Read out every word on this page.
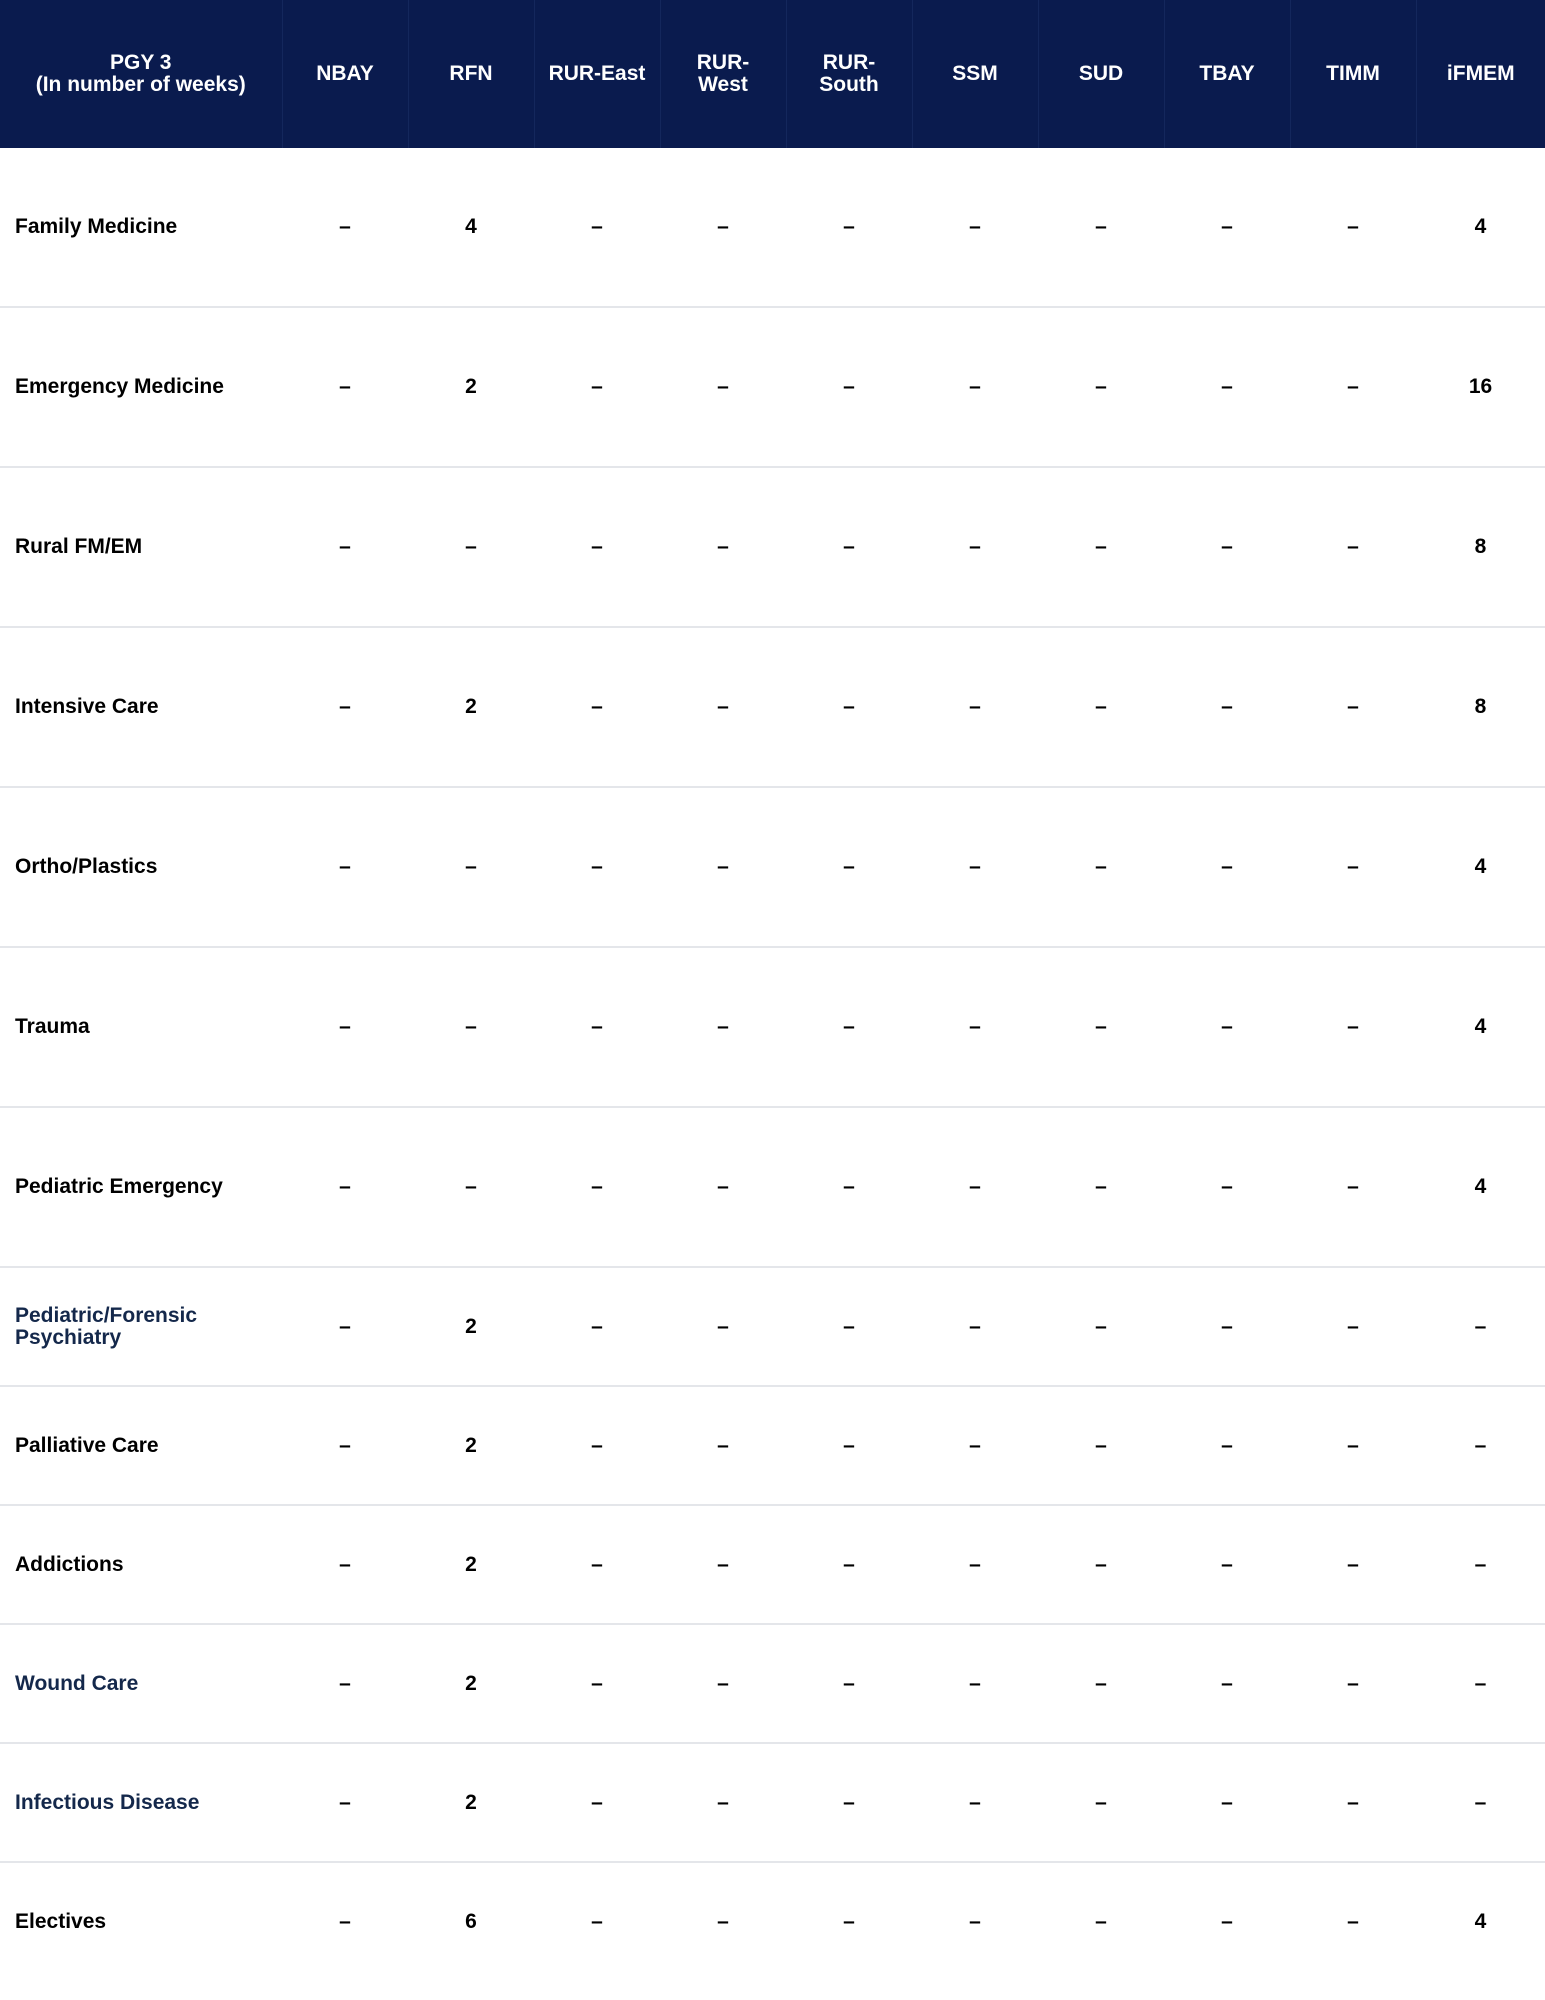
PGY 3
(In number of weeks)	NBAY	RFN	RUR-East	RUR-
West	RUR-
South	SSM	SUD	TBAY	TIMM	iFMEM

Family Medicine	–	4	–	–	–	–	–	–	–	4

Emergency Medicine	–	2	–	–	–	–	–	–	–	16

Rural FM/EM	–	–	–	–	–	–	–	–	–	8

Intensive Care	–	2	–	–	–	–	–	–	–	8

Ortho/Plastics	–	–	–	–	–	–	–	–	–	4

Trauma	–	–	–	–	–	–	–	–	–	4

Pediatric Emergency	–	–	–	–	–	–	–	–	–	4

Pediatric/Forensic
Psychiatry	–	2	–	–	–	–	–	–	–	–

Palliative Care	–	2	–	–	–	–	–	–	–	–

Addictions	–	2	–	–	–	–	–	–	–	–

Wound Care	–	2	–	–	–	–	–	–	–	–

Infectious Disease	–	2	–	–	–	–	–	–	–	–

Electives	–	6	–	–	–	–	–	–	–	4
